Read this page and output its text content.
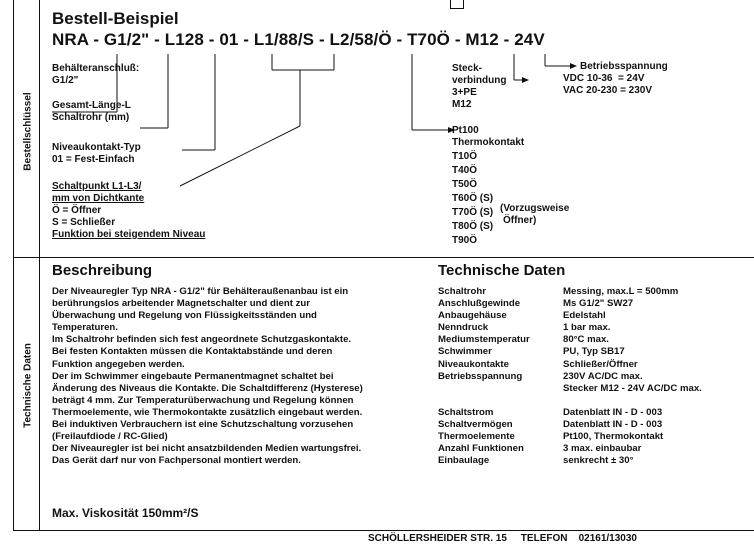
Bestellschlüssel
Technische Daten
Bestell-Beispiel
NRA - G1/2" - L128 - 01 - L1/88/S - L2/58/Ö - T70Ö - M12 - 24V
Behälteranschluß:
G1/2"
Gesamt-Länge-L
Schaltrohr (mm)
Niveaukontakt-Typ
01 = Fest-Einfach
Schaltpunkt L1-L3/
mm von Dichtkante
Ö = Öffner
S = Schließer
Funktion bei steigendem Niveau
Steck-
verbindung
3+PE
M12
Betriebsspannung
VDC 10-36  = 24V
VAC 20-230 = 230V
Pt100
Thermokontakt
T10Ö
T40Ö
T50Ö
T60Ö (S)
T70Ö (S)
T80Ö (S)
T90Ö
(Vorzugsweise
Öffner)
Beschreibung
Der Niveauregler Typ NRA - G1/2" für Behälteraußenanbau ist ein
berührungslos arbeitender Magnetschalter und dient zur
Überwachung und Regelung von Flüssigkeitsständen und
Temperaturen.
Im Schaltrohr befinden sich fest angeordnete Schutzgaskontakte.
Bei festen Kontakten müssen die Kontaktabstände und deren
Funktion angegeben werden.
Der im Schwimmer eingebaute Permanentmagnet schaltet bei
Änderung des Niveaus die Kontakte. Die Schaltdifferenz (Hysterese)
beträgt 4 mm. Zur Temperaturüberwachung und Regelung können
Thermoelemente, wie Thermokontakte zusätzlich eingebaut werden.
Bei induktiven Verbrauchern ist eine Schutzschaltung vorzusehen
(Freilaufdiode / RC-Glied)
Der Niveauregler ist bei nicht ansatzbildenden Medien wartungsfrei.
Das Gerät darf nur von Fachpersonal montiert werden.
Max. Viskosität 150mm²/S
Technische Daten
Schaltrohr	Messing, max.L = 500mm
Anschlußgewinde	Ms G1/2" SW27
Anbaugehäuse	Edelstahl
Nenndruck	1 bar max.
Mediumstemperatur	80°C max.
Schwimmer	PU, Typ SB17
Niveaukontakte	Schließer/Öffner
Betriebsspannung	230V AC/DC max.
Stecker M12 - 24V AC/DC max.
Schaltstrom	Datenblatt IN - D - 003
Schaltvermögen	Datenblatt IN - D - 003
Thermoelemente	Pt100, Thermokontakt
Anzahl Funktionen	3 max. einbaubar
Einbaulage	senkrecht ± 30°
SCHÖLLERSHEIDER STR. 15     TELEFON    02161/13030
